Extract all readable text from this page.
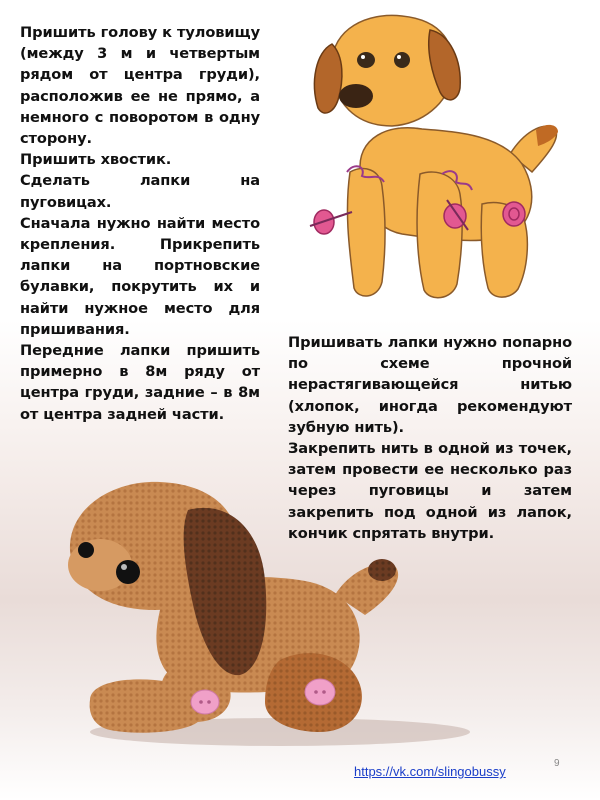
Пришить голову к туловищу (между 3 м и четвертым рядом от центра груди), расположив ее не прямо, а немного с поворотом в одну сторону.

Пришить хвостик.

Сделать лапки на пуговицах.

Сначала нужно найти место крепления. Прикрепить лапки на портновские булавки, покрутить их и найти нужное место для пришивания.

Передние лапки пришить примерно в 8м ряду от центра груди, задние – в 8м от центра задней части.

Пришивать лапки нужно попарно по схеме прочной нерастягивающейся нитью (хлопок, иногда рекомендуют зубную нить).

Закрепить нить в одной из точек, затем провести ее несколько раз через пуговицы и затем закрепить под одной из лапок, кончик спрятать внутри.

9
https://vk.com/slingobussy
